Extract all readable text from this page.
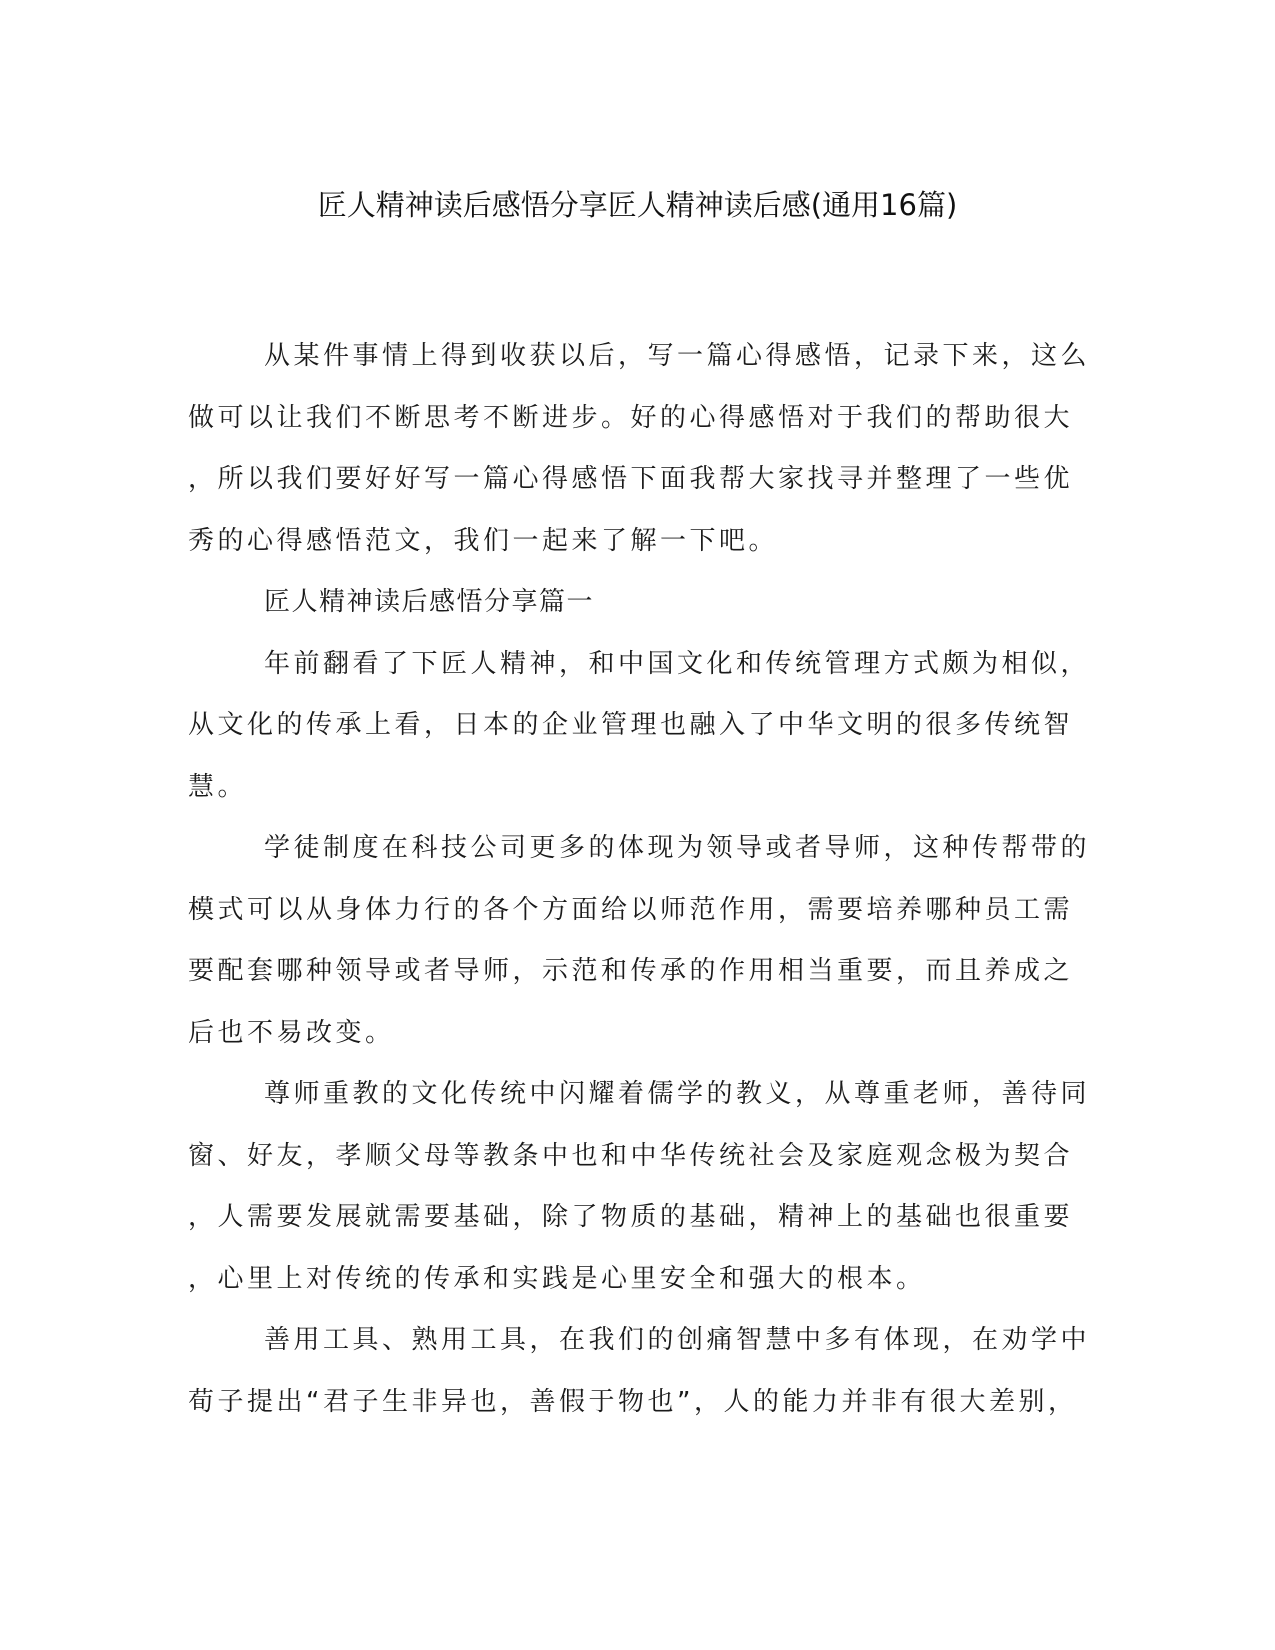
匠人精神读后感悟分享匠人精神读后感(通用16篇)
从某件事情上得到收获以后，写一篇心得感悟，记录下来，这么
做可以让我们不断思考不断进步。好的心得感悟对于我们的帮助很大
，所以我们要好好写一篇心得感悟下面我帮大家找寻并整理了一些优
秀的心得感悟范文，我们一起来了解一下吧。
匠人精神读后感悟分享篇一
年前翻看了下匠人精神，和中国文化和传统管理方式颇为相似，
从文化的传承上看，日本的企业管理也融入了中华文明的很多传统智
慧。
学徒制度在科技公司更多的体现为领导或者导师，这种传帮带的
模式可以从身体力行的各个方面给以师范作用，需要培养哪种员工需
要配套哪种领导或者导师，示范和传承的作用相当重要，而且养成之
后也不易改变。
尊师重教的文化传统中闪耀着儒学的教义，从尊重老师，善待同
窗、好友，孝顺父母等教条中也和中华传统社会及家庭观念极为契合
，人需要发展就需要基础，除了物质的基础，精神上的基础也很重要
，心里上对传统的传承和实践是心里安全和强大的根本。
善用工具、熟用工具，在我们的创痛智慧中多有体现，在劝学中
荀子提出“君子生非异也，善假于物也”，人的能力并非有很大差别，
